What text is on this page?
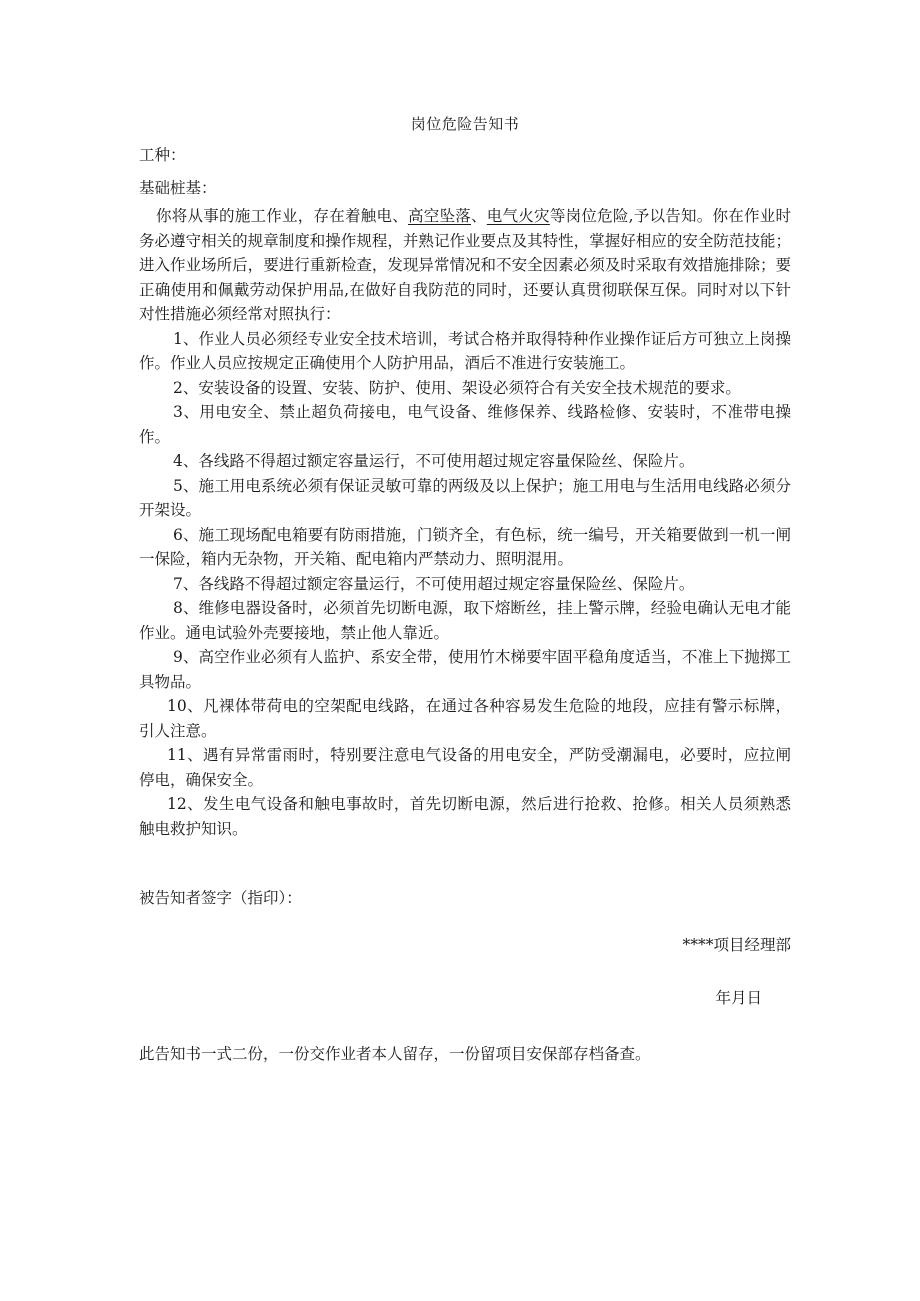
岗位危险告知书
工种：
基础桩基：

你将从事的施工作业，存在着触电、高空坠落、电气火灾等岗位危险,予以告知。你在作业时务必遵守相关的规章制度和操作规程，并熟记作业要点及其特性，掌握好相应的安全防范技能；进入作业场所后，要进行重新检查，发现异常情况和不安全因素必须及时采取有效措施排除；要正确使用和佩戴劳动保护用品,在做好自我防范的同时，还要认真贯彻联保互保。同时对以下针对性措施必须经常对照执行：

1、作业人员必须经专业安全技术培训，考试合格并取得特种作业操作证后方可独立上岗操作。作业人员应按规定正确使用个人防护用品，酒后不准进行安装施工。

2、安装设备的设置、安装、防护、使用、架设必须符合有关安全技术规范的要求。

3、用电安全、禁止超负荷接电，电气设备、维修保养、线路检修、安装时，不准带电操作。

4、各线路不得超过额定容量运行，不可使用超过规定容量保险丝、保险片。

5、施工用电系统必须有保证灵敏可靠的两级及以上保护；施工用电与生活用电线路必须分开架设。

6、施工现场配电箱要有防雨措施，门锁齐全，有色标，统一编号，开关箱要做到一机一闸一保险，箱内无杂物，开关箱、配电箱内严禁动力、照明混用。

7、各线路不得超过额定容量运行，不可使用超过规定容量保险丝、保险片。

8、维修电器设备时，必须首先切断电源，取下熔断丝，挂上警示牌，经验电确认无电才能作业。通电试验外壳要接地，禁止他人靠近。

9、高空作业必须有人监护、系安全带，使用竹木梯要牢固平稳角度适当，不准上下抛掷工具物品。

10、凡裸体带荷电的空架配电线路，在通过各种容易发生危险的地段，应挂有警示标牌，引人注意。

11、遇有异常雷雨时，特别要注意电气设备的用电安全，严防受潮漏电，必要时，应拉闸停电，确保安全。

12、发生电气设备和触电事故时，首先切断电源，然后进行抢救、抢修。相关人员须熟悉触电救护知识。

被告知者签字（指印）：
****项目经理部
年月日
此告知书一式二份，一份交作业者本人留存，一份留项目安保部存档备查。
